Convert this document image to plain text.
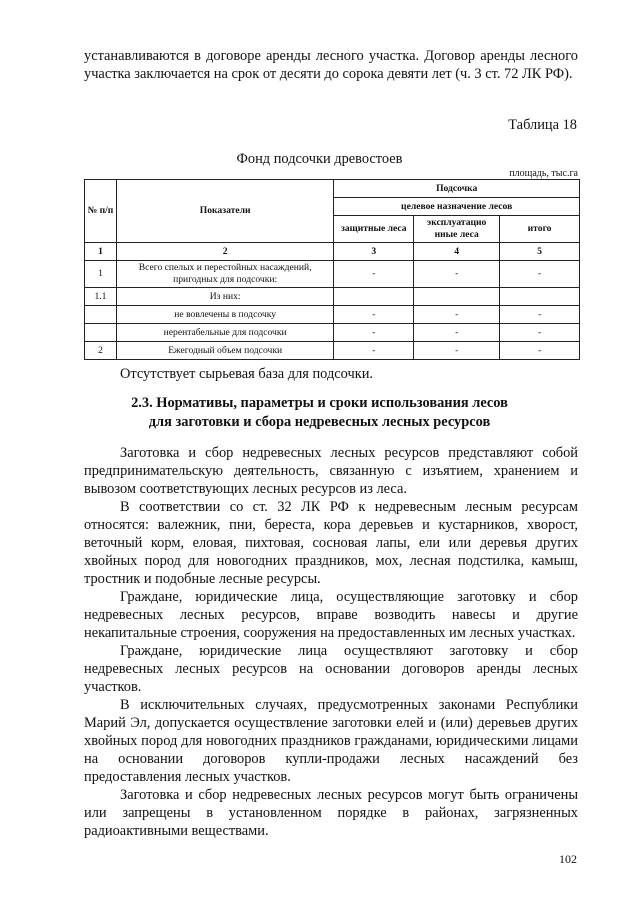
устанавливаются в договоре аренды лесного участка. Договор аренды лесного участка заключается на срок от десяти до сорока девяти лет (ч. 3 ст. 72 ЛК РФ).

Таблица 18
Фонд подсочки древостоев
площадь, тыс.га
№ п/п	Показатели	Подсочка		
		целевое назначение лесов		
		защитные леса	эксплуатацио нные леса	итого
1	2	3	4	5
1	Всего спелых и перестойных насаждений, пригодных для подсочки:	-	-	-
1.1	Из них:			
	не вовлечены в подсочку	-	-	-
	нерентабельные для подсочки	-	-	-
2	Ежегодный объем подсочки	-	-	-
Отсутствует сырьевая база для подсочки.
2.3. Нормативы, параметры и сроки использования лесов
для заготовки и сбора недревесных лесных ресурсов

Заготовка и сбор недревесных лесных ресурсов представляют собой предпринимательскую деятельность, связанную с изъятием, хранением и вывозом соответствующих лесных ресурсов из леса.

В соответствии со ст. 32 ЛК РФ к недревесным лесным ресурсам относятся: валежник, пни, береста, кора деревьев и кустарников, хворост, веточный корм, еловая, пихтовая, сосновая лапы, ели или деревья других хвойных пород для новогодних праздников, мох, лесная подстилка, камыш, тростник и подобные лесные ресурсы.

Граждане, юридические лица, осуществляющие заготовку и сбор недревесных лесных ресурсов, вправе возводить навесы и другие некапитальные строения, сооружения на предоставленных им лесных участках.

Граждане, юридические лица осуществляют заготовку и сбор недревесных лесных ресурсов на основании договоров аренды лесных участков.

В исключительных случаях, предусмотренных законами Республики Марий Эл, допускается осуществление заготовки елей и (или) деревьев других хвойных пород для новогодних праздников гражданами, юридическими лицами на основании договоров купли-продажи лесных насаждений без предоставления лесных участков.

Заготовка и сбор недревесных лесных ресурсов могут быть ограничены или запрещены в установленном порядке в районах, загрязненных радиоактивными веществами.

102
